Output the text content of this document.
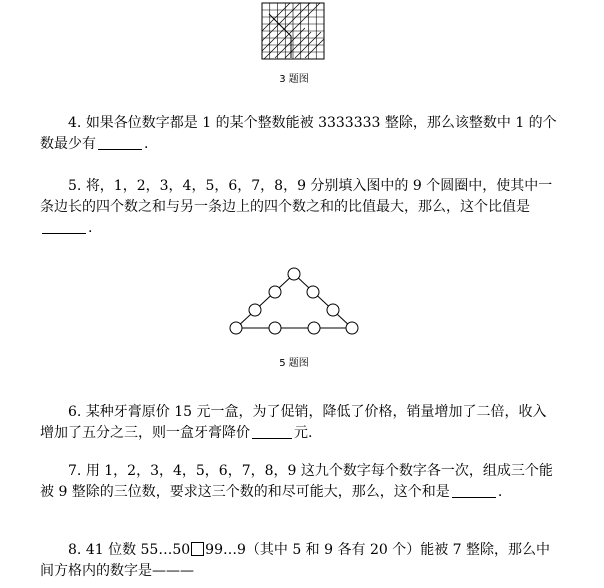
3 题图
4. 如果各位数字都是 1 的某个整数能被 3333333 整除，那么该整数中 1 的个数最少有	.
5. 将，1，2，3，4，5，6，7，8，9 分别填入图中的 9 个圆圈中，使其中一条边长的四个数之和与另一条边上的四个数之和的比值最大，那么，这个比值是.
5 题图
6. 某种牙膏原价 15 元一盒，为了促销，降低了价格，销量增加了二倍，收入增加了五分之三，则一盒牙膏降价	元.
7. 用 1，2，3，4，5，6，7，8，9 这九个数字每个数字各一次，组成三个能被 9 整除的三位数，要求这三个数的和尽可能大，那么，这个和是	.
8. 41 位数 55…50 99…9（其中 5 和 9 各有 20 个）能被 7 整除，那么中间方格内的数字是———
